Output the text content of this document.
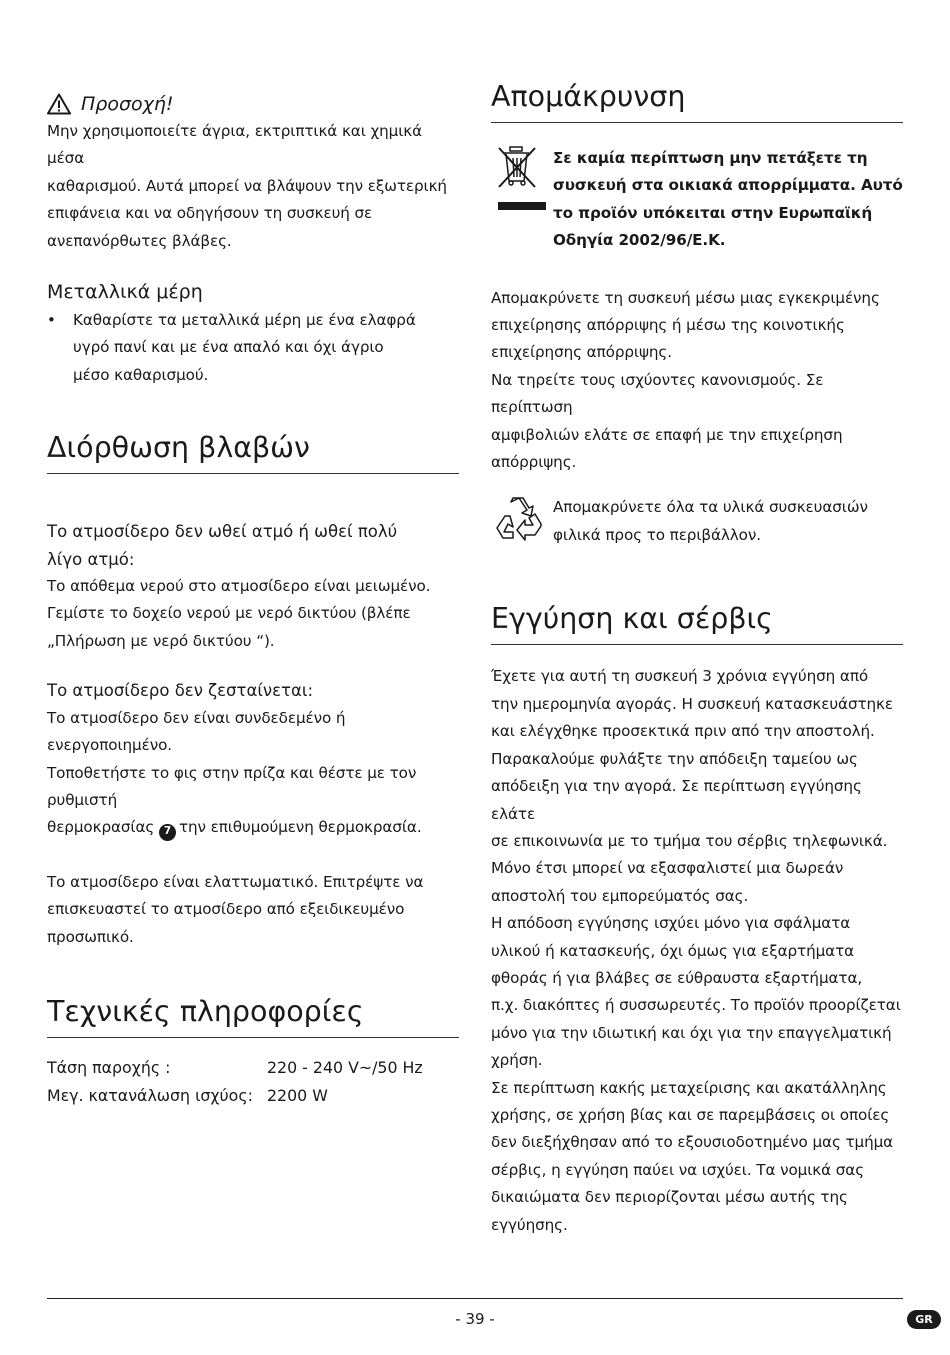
Προσοχή!

Μην χρησιμοποιείτε άγρια, εκτριπτικά και χημικά μέσα

καθαρισμού. Αυτά μπορεί να βλάψουν την εξωτερική

επιφάνεια και να οδηγήσουν τη συσκευή σε

ανεπανόρθωτες βλάβες.

Μεταλλικά μέρη
•	Καθαρίστε τα μεταλλικά μέρη με ένα ελαφρά

υγρό πανί και με ένα απαλό και όχι άγριο

μέσο καθαρισμού.

Διόρθωση βλαβών
Το ατμοσίδερο δεν ωθεί ατμό ή ωθεί πολύ
λίγο ατμό:

Το απόθεμα νερού στο ατμοσίδερο είναι μειωμένο.

Γεμίστε το δοχείο νερού με νερό δικτύου (βλέπε

„Πλήρωση με νερό δικτύου “).

Το ατμοσίδερο δεν ζεσταίνεται:

Το ατμοσίδερο δεν είναι συνδεδεμένο ή ενεργοποιημένο.

Τοποθετήστε το φις στην πρίζα και θέστε με τον ρυθμιστή

θερμοκρασίας 7 την επιθυμούμενη θερμοκρασία.

Το ατμοσίδερο είναι ελαττωματικό. Επιτρέψτε να

επισκευαστεί το ατμοσίδερο από εξειδικευμένο

προσωπικό.

Τεχνικές πληροφορίες
Τάση παροχής :	220 - 240 V~/50 Hz
Μεγ. κατανάλωση ισχύος: 2200 W
Απομάκρυνση

Σε καμία περίπτωση μην πετάξετε τη

συσκευή στα οικιακά απορρίμματα. Αυτό

το προϊόν υπόκειται στην Ευρωπαϊκή

Οδηγία 2002/96/Ε.Κ.

Απομακρύνετε τη συσκευή μέσω μιας εγκεκριμένης

επιχείρησης απόρριψης ή μέσω της κοινοτικής

επιχείρησης απόρριψης.

Να τηρείτε τους ισχύοντες κανονισμούς. Σε περίπτωση

αμφιβολιών ελάτε σε επαφή με την επιχείρηση απόρριψης.

Απομακρύνετε όλα τα υλικά συσκευασιών

φιλικά προς το περιβάλλον.

Εγγύηση και σέρβις

Έχετε για αυτή τη συσκευή 3 χρόνια εγγύηση από

την ημερομηνία αγοράς. Η συσκευή κατασκευάστηκε

και ελέγχθηκε προσεκτικά πριν από την αποστολή.

Παρακαλούμε φυλάξτε την απόδειξη ταμείου ως

απόδειξη για την αγορά. Σε περίπτωση εγγύησης ελάτε

σε επικοινωνία με το τμήμα του σέρβις τηλεφωνικά.

Μόνο έτσι μπορεί να εξασφαλιστεί μια δωρεάν

αποστολή του εμπορεύματός σας.

Η απόδοση εγγύησης ισχύει μόνο για σφάλματα

υλικού ή κατασκευής, όχι όμως για εξαρτήματα

φθοράς ή για βλάβες σε εύθραυστα εξαρτήματα,

π.χ. διακόπτες ή συσσωρευτές. Το προϊόν προορίζεται

μόνο για την ιδιωτική και όχι για την επαγγελματική

χρήση.

Σε περίπτωση κακής μεταχείρισης και ακατάλληλης

χρήσης, σε χρήση βίας και σε παρεμβάσεις οι οποίες

δεν διεξήχθησαν από το εξουσιοδοτημένο μας τμήμα

σέρβις, η εγγύηση παύει να ισχύει. Τα νομικά σας

δικαιώματα δεν περιορίζονται μέσω αυτής της

εγγύησης.

- 39 -	GR
